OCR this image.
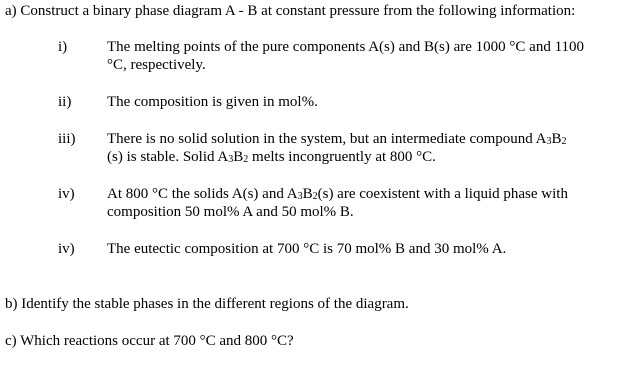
a) Construct a binary phase diagram A - B at constant pressure from the following information:
i)	The melting points of the pure components A(s) and B(s) are 1000 °C and 1100
°C, respectively.
ii) The composition is given in mol%.
iii) There is no solid solution in the system, but an intermediate compound $A_3B_2$
(s) is stable. Solid $A_3B_2$ melts incongruently at 800 °C.
iv) At 800 °C the solids A(s) and $A_3B_2(s)$ are coexistent with a liquid phase with
composition 50 mol% A and 50 mol% B.
iv) The eutectic composition at 700 °C is 70 mol% B and 30 mol% A.
b) Identify the stable phases in the different regions of the diagram.
c) Which reactions occur at 700 °C and 800 °C?
